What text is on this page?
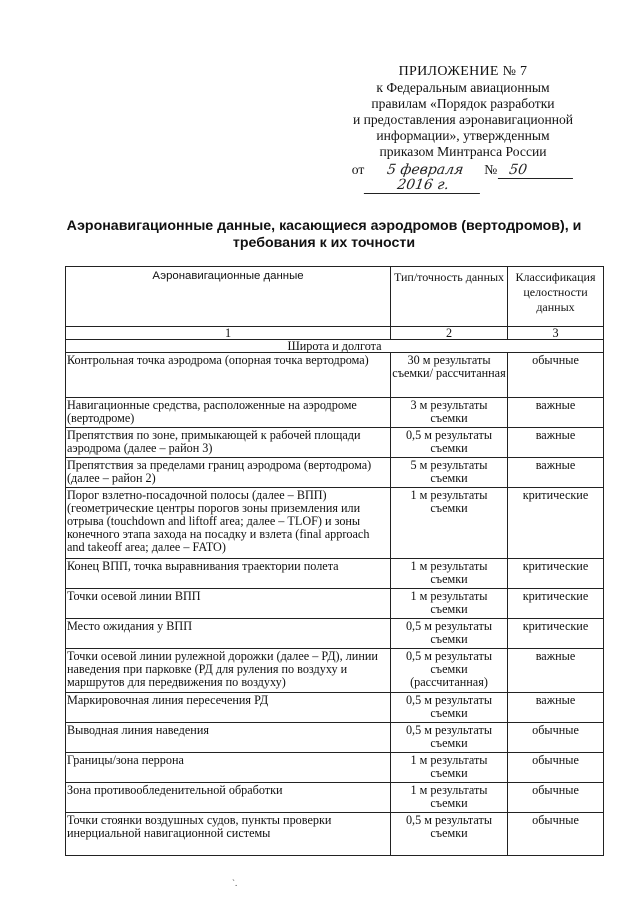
ПРИЛОЖЕНИЕ № 7
к Федеральным авиационным
правилам «Порядок разработки
и предоставления аэронавигационной
информации», утвержденным
приказом Минтранса России
от	5 февраля 2016 г.
№ 50
Аэронавигационные данные, касающиеся аэродромов (вертодромов), и
требования к их точности
Аэронавигационные данные	Тип/точность данных	Классификация целостности данных
1	2	3
Широта и долгота		
Контрольная точка аэродрома (опорная точка вертодрома)	30 м результаты съемки/ рассчитанная	обычные
Навигационные средства, расположенные на аэродроме (вертодроме)	3 м результаты съемки	важные
Препятствия по зоне, примыкающей к рабочей площади аэродрома (далее – район 3)	0,5 м результаты съемки	важные
Препятствия за пределами границ аэродрома (вертодрома) (далее – район 2)	5 м результаты съемки	важные
Порог взлетно-посадочной полосы (далее – ВПП) (геометрические центры порогов зоны приземления или отрыва (touchdown and liftoff area; далее – TLOF) и зоны конечного этапа захода на посадку и взлета (final approach and takeoff area; далее – FATO)	1 м результаты съемки	критические
Конец ВПП, точка выравнивания траектории полета	1 м результаты съемки	критические
Точки осевой линии ВПП	1 м результаты съемки	критические
Место ожидания у ВПП	0,5 м результаты съемки	критические
Точки осевой линии рулежной дорожки (далее – РД), линии наведения при парковке (РД для руления по воздуху и маршрутов для передвижения по воздуху)	0,5 м результаты съемки (рассчитанная)	важные
Маркировочная линия пересечения РД	0,5 м результаты съемки	важные
Выводная линия наведения	0,5 м результаты съемки	обычные
Границы/зона перрона	1 м результаты съемки	обычные
Зона противообледенительной обработки	1 м результаты съемки	обычные
Точки стоянки воздушных судов, пункты проверки инерциальной навигационной системы	0,5 м результаты съемки	обычные
`.
